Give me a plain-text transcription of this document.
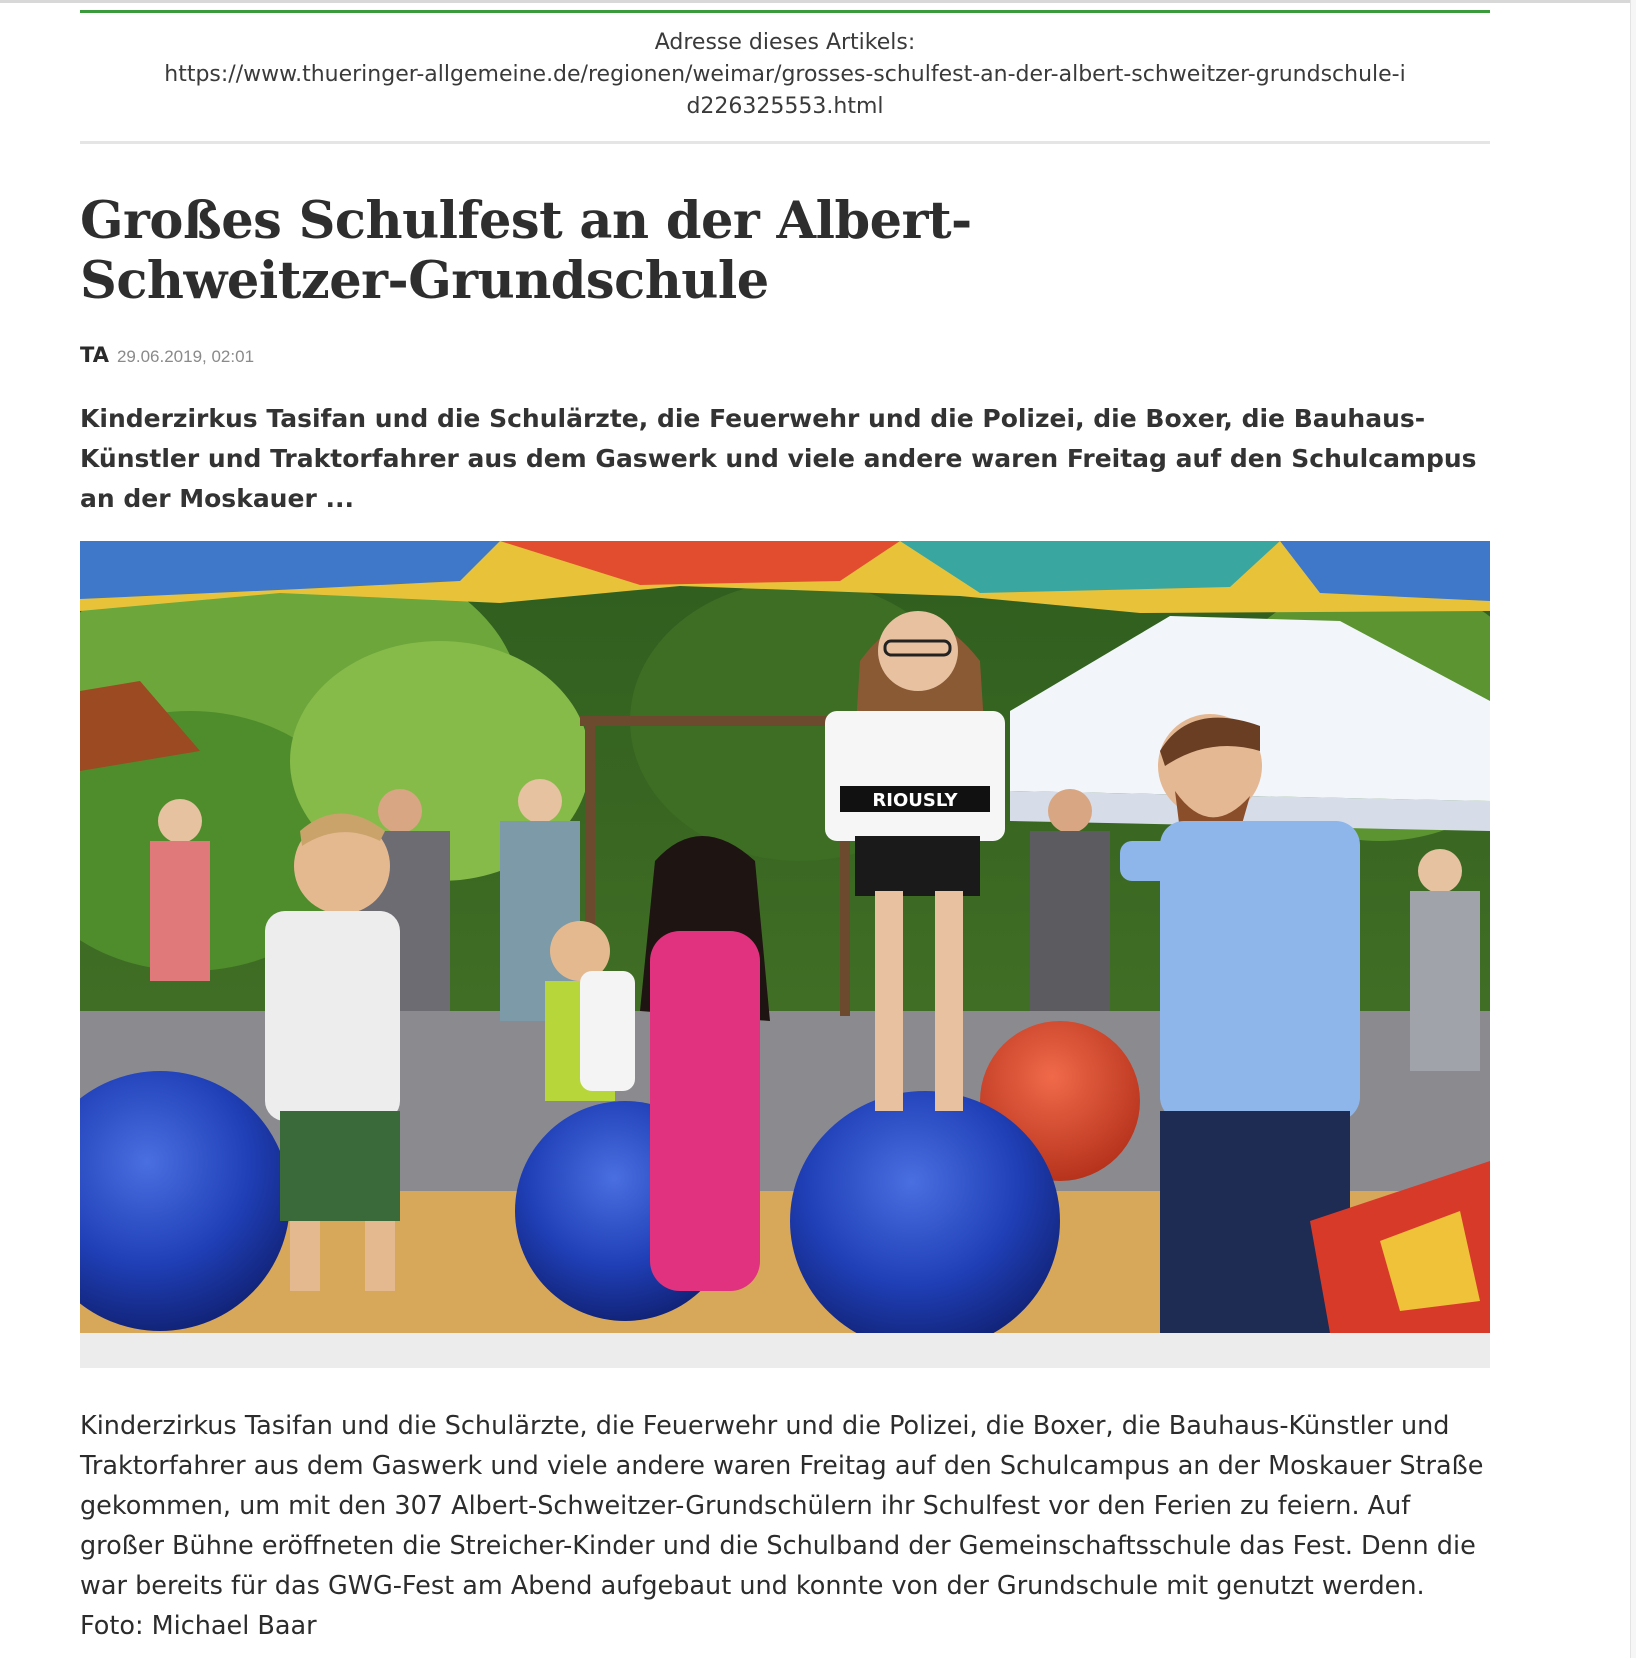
Adresse dieses Artikels:
https://www.thueringer-allgemeine.de/regionen/weimar/grosses-schulfest-an-der-albert-schweitzer-grundschule-id226325553.html
Großes Schulfest an der Albert-Schweitzer-Grundschule
TA 29.06.2019, 02:01

Kinderzirkus Tasifan und die Schulärzte, die Feuerwehr und die Polizei, die Boxer, die Bauhaus-Künstler und Traktorfahrer aus dem Gaswerk und viele andere waren Freitag auf den Schulcampus an der Moskauer ...

RIOUSLY

Kinderzirkus Tasifan und die Schulärzte, die Feuerwehr und die Polizei, die Boxer, die Bauhaus-Künstler und Traktorfahrer aus dem Gaswerk und viele andere waren Freitag auf den Schulcampus an der Moskauer Straße gekommen, um mit den 307 Albert-Schweitzer-Grundschülern ihr Schulfest vor den Ferien zu feiern. Auf großer Bühne eröffneten die Streicher-Kinder und die Schulband der Gemeinschaftsschule das Fest. Denn die war bereits für das GWG-Fest am Abend aufgebaut und konnte von der Grundschule mit genutzt werden. Foto: Michael Baar
